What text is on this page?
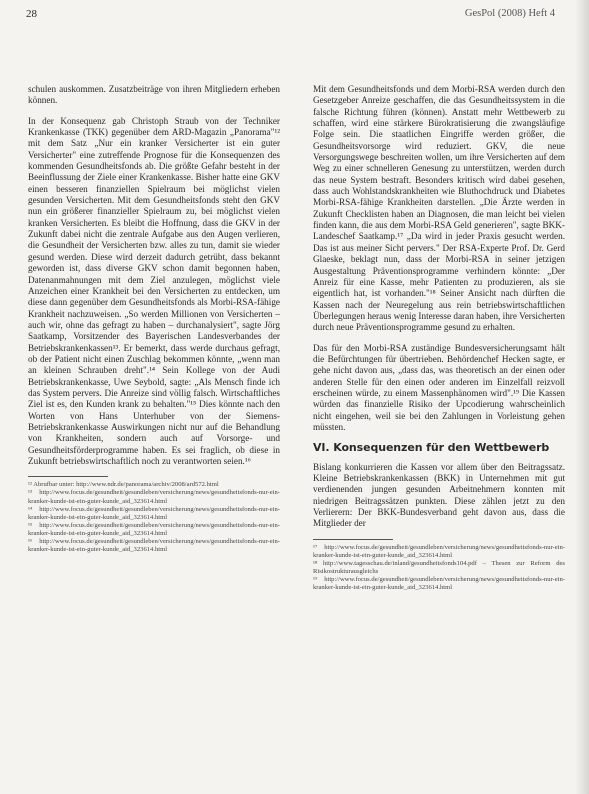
28	GesPol (2008) Heft 4

schulen auskommen. Zusatzbeiträge von ihren Mitgliedern erheben können.

In der Konsequenz gab Christoph Straub von der Techniker Krankenkasse (TKK) gegenüber dem ARD-Magazin „Panorama"¹² mit dem Satz „Nur ein kranker Versicherter ist ein guter Versicherter" eine zutreffende Prognose für die Konsequenzen des kommenden Gesundheitsfonds ab. Die größte Gefahr besteht in der Beeinflussung der Ziele einer Krankenkasse. Bisher hatte eine GKV einen besseren finanziellen Spielraum bei möglichst vielen gesunden Versicherten. Mit dem Gesundheitsfonds steht den GKV nun ein größerer finanzieller Spielraum zu, bei möglichst vielen kranken Versicherten. Es bleibt die Hoffnung, dass die GKV in der Zukunft dabei nicht die zentrale Aufgabe aus den Augen verlieren, die Gesundheit der Versicherten bzw. alles zu tun, damit sie wieder gesund werden. Diese wird derzeit dadurch getrübt, dass bekannt geworden ist, dass diverse GKV schon damit begonnen haben, Datenanmahnungen mit dem Ziel anzulegen, möglichst viele Anzeichen einer Krankheit bei den Versicherten zu entdecken, um diese dann gegenüber dem Gesundheitsfonds als Morbi-RSA-fähige Krankheit nachzuweisen. „So werden Millionen von Versicherten – auch wir, ohne das gefragt zu haben – durchanalysiert", sagte Jörg Saatkamp, Vorsitzender des Bayerischen Landesverbandes der Betriebskrankenkassen¹³. Er bemerkt, dass werde durchaus gefragt, ob der Patient nicht einen Zuschlag bekommen könnte, „wenn man an kleinen Schrauben dreht".¹⁴ Sein Kollege von der Audi Betriebskrankenkasse, Uwe Seybold, sagte: „Als Mensch finde ich das System pervers. Die Anreize sind völlig falsch. Wirtschaftliches Ziel ist es, den Kunden krank zu behalten."¹⁵ Dies könnte nach den Worten von Hans Unterhuber von der Siemens-Betriebskrankenkasse Auswirkungen nicht nur auf die Behandlung von Krankheiten, sondern auch auf Vorsorge- und Gesundheitsförderprogramme haben. Es sei fraglich, ob diese in Zukunft betriebswirtschaftlich noch zu verantworten seien.¹⁶

¹² Abrufbar unter: http://www.ndr.de/panorama/archiv/2008/ard572.html

¹³ http://www.focus.de/gesundheit/gesundleben/versicherung/news/gesundheitsfonds-nur-ein-kranker-kunde-ist-ein-guter-kunde_aid_323614.html

¹⁴ http://www.focus.de/gesundheit/gesundleben/versicherung/news/gesundheitsfonds-nur-ein-kranker-kunde-ist-ein-guter-kunde_aid_323614.html

¹⁵ http://www.focus.de/gesundheit/gesundleben/versicherung/news/gesundheitsfonds-nur-ein-kranker-kunde-ist-ein-guter-kunde_aid_323614.html

¹⁶ http://www.focus.de/gesundheit/gesundleben/versicherung/news/gesundheitsfonds-nur-ein-kranker-kunde-ist-ein-guter-kunde_aid_323614.html

Mit dem Gesundheitsfonds und dem Morbi-RSA werden durch den Gesetzgeber Anreize geschaffen, die das Gesundheitssystem in die falsche Richtung führen (können). Anstatt mehr Wettbewerb zu schaffen, wird eine stärkere Bürokratisierung die zwangsläufige Folge sein. Die staatlichen Eingriffe werden größer, die Gesundheitsvorsorge wird reduziert. GKV, die neue Versorgungswege beschreiten wollen, um ihre Versicherten auf dem Weg zu einer schnelleren Genesung zu unterstützen, werden durch das neue System bestraft. Besonders kritisch wird dabei gesehen, dass auch Wohlstandskrankheiten wie Bluthochdruck und Diabetes Morbi-RSA-fähige Krankheiten darstellen. „Die Ärzte werden in Zukunft Checklisten haben an Diagnosen, die man leicht bei vielen finden kann, die aus dem Morbi-RSA Geld generieren", sagte BKK-Landeschef Saatkamp.¹⁷ „Da wird in jeder Praxis gesucht werden. Das ist aus meiner Sicht pervers." Der RSA-Experte Prof. Dr. Gerd Glaeske, beklagt nun, dass der Morbi-RSA in seiner jetzigen Ausgestaltung Präventionsprogramme verhindern könnte: „Der Anreiz für eine Kasse, mehr Patienten zu produzieren, als sie eigentlich hat, ist vorhanden."¹⁸ Seiner Ansicht nach dürften die Kassen nach der Neuregelung aus rein betriebswirtschaftlichen Überlegungen heraus wenig Interesse daran haben, ihre Versicherten durch neue Präventionsprogramme gesund zu erhalten.

Das für den Morbi-RSA zuständige Bundesversicherungsamt hält die Befürchtungen für übertrieben. Behördenchef Hecken sagte, er gehe nicht davon aus, „dass das, was theoretisch an der einen oder anderen Stelle für den einen oder anderen im Einzelfall reizvoll erscheinen würde, zu einem Massenphänomen wird".¹⁹ Die Kassen würden das finanzielle Risiko der Upcodierung wahrscheinlich nicht eingehen, weil sie bei den Zahlungen in Vorleistung gehen müssten.

VI. Konsequenzen für den Wettbewerb

Bislang konkurrieren die Kassen vor allem über den Beitragssatz. Kleine Betriebskrankenkassen (BKK) in Unternehmen mit gut verdienenden jungen gesunden Arbeitnehmern konnten mit niedrigen Beitragssätzen punkten. Diese zählen jetzt zu den Verlierern: Der BKK-Bundesverband geht davon aus, dass die Mitglieder der

¹⁷ http://www.focus.de/gesundheit/gesundleben/versicherung/news/gesundheitsfonds-nur-ein-kranker-kunde-ist-ein-guter-kunde_aid_323614.html

¹⁸ http://www.tagesschau.de/inland/gesundheitsfonds104.pdf – Thesen zur Reform des Risikostrukturausgleichs

¹⁹ http://www.focus.de/gesundheit/gesundleben/versicherung/news/gesundheitsfonds-nur-ein-kranker-kunde-ist-ein-guter-kunde_aid_323614.html
